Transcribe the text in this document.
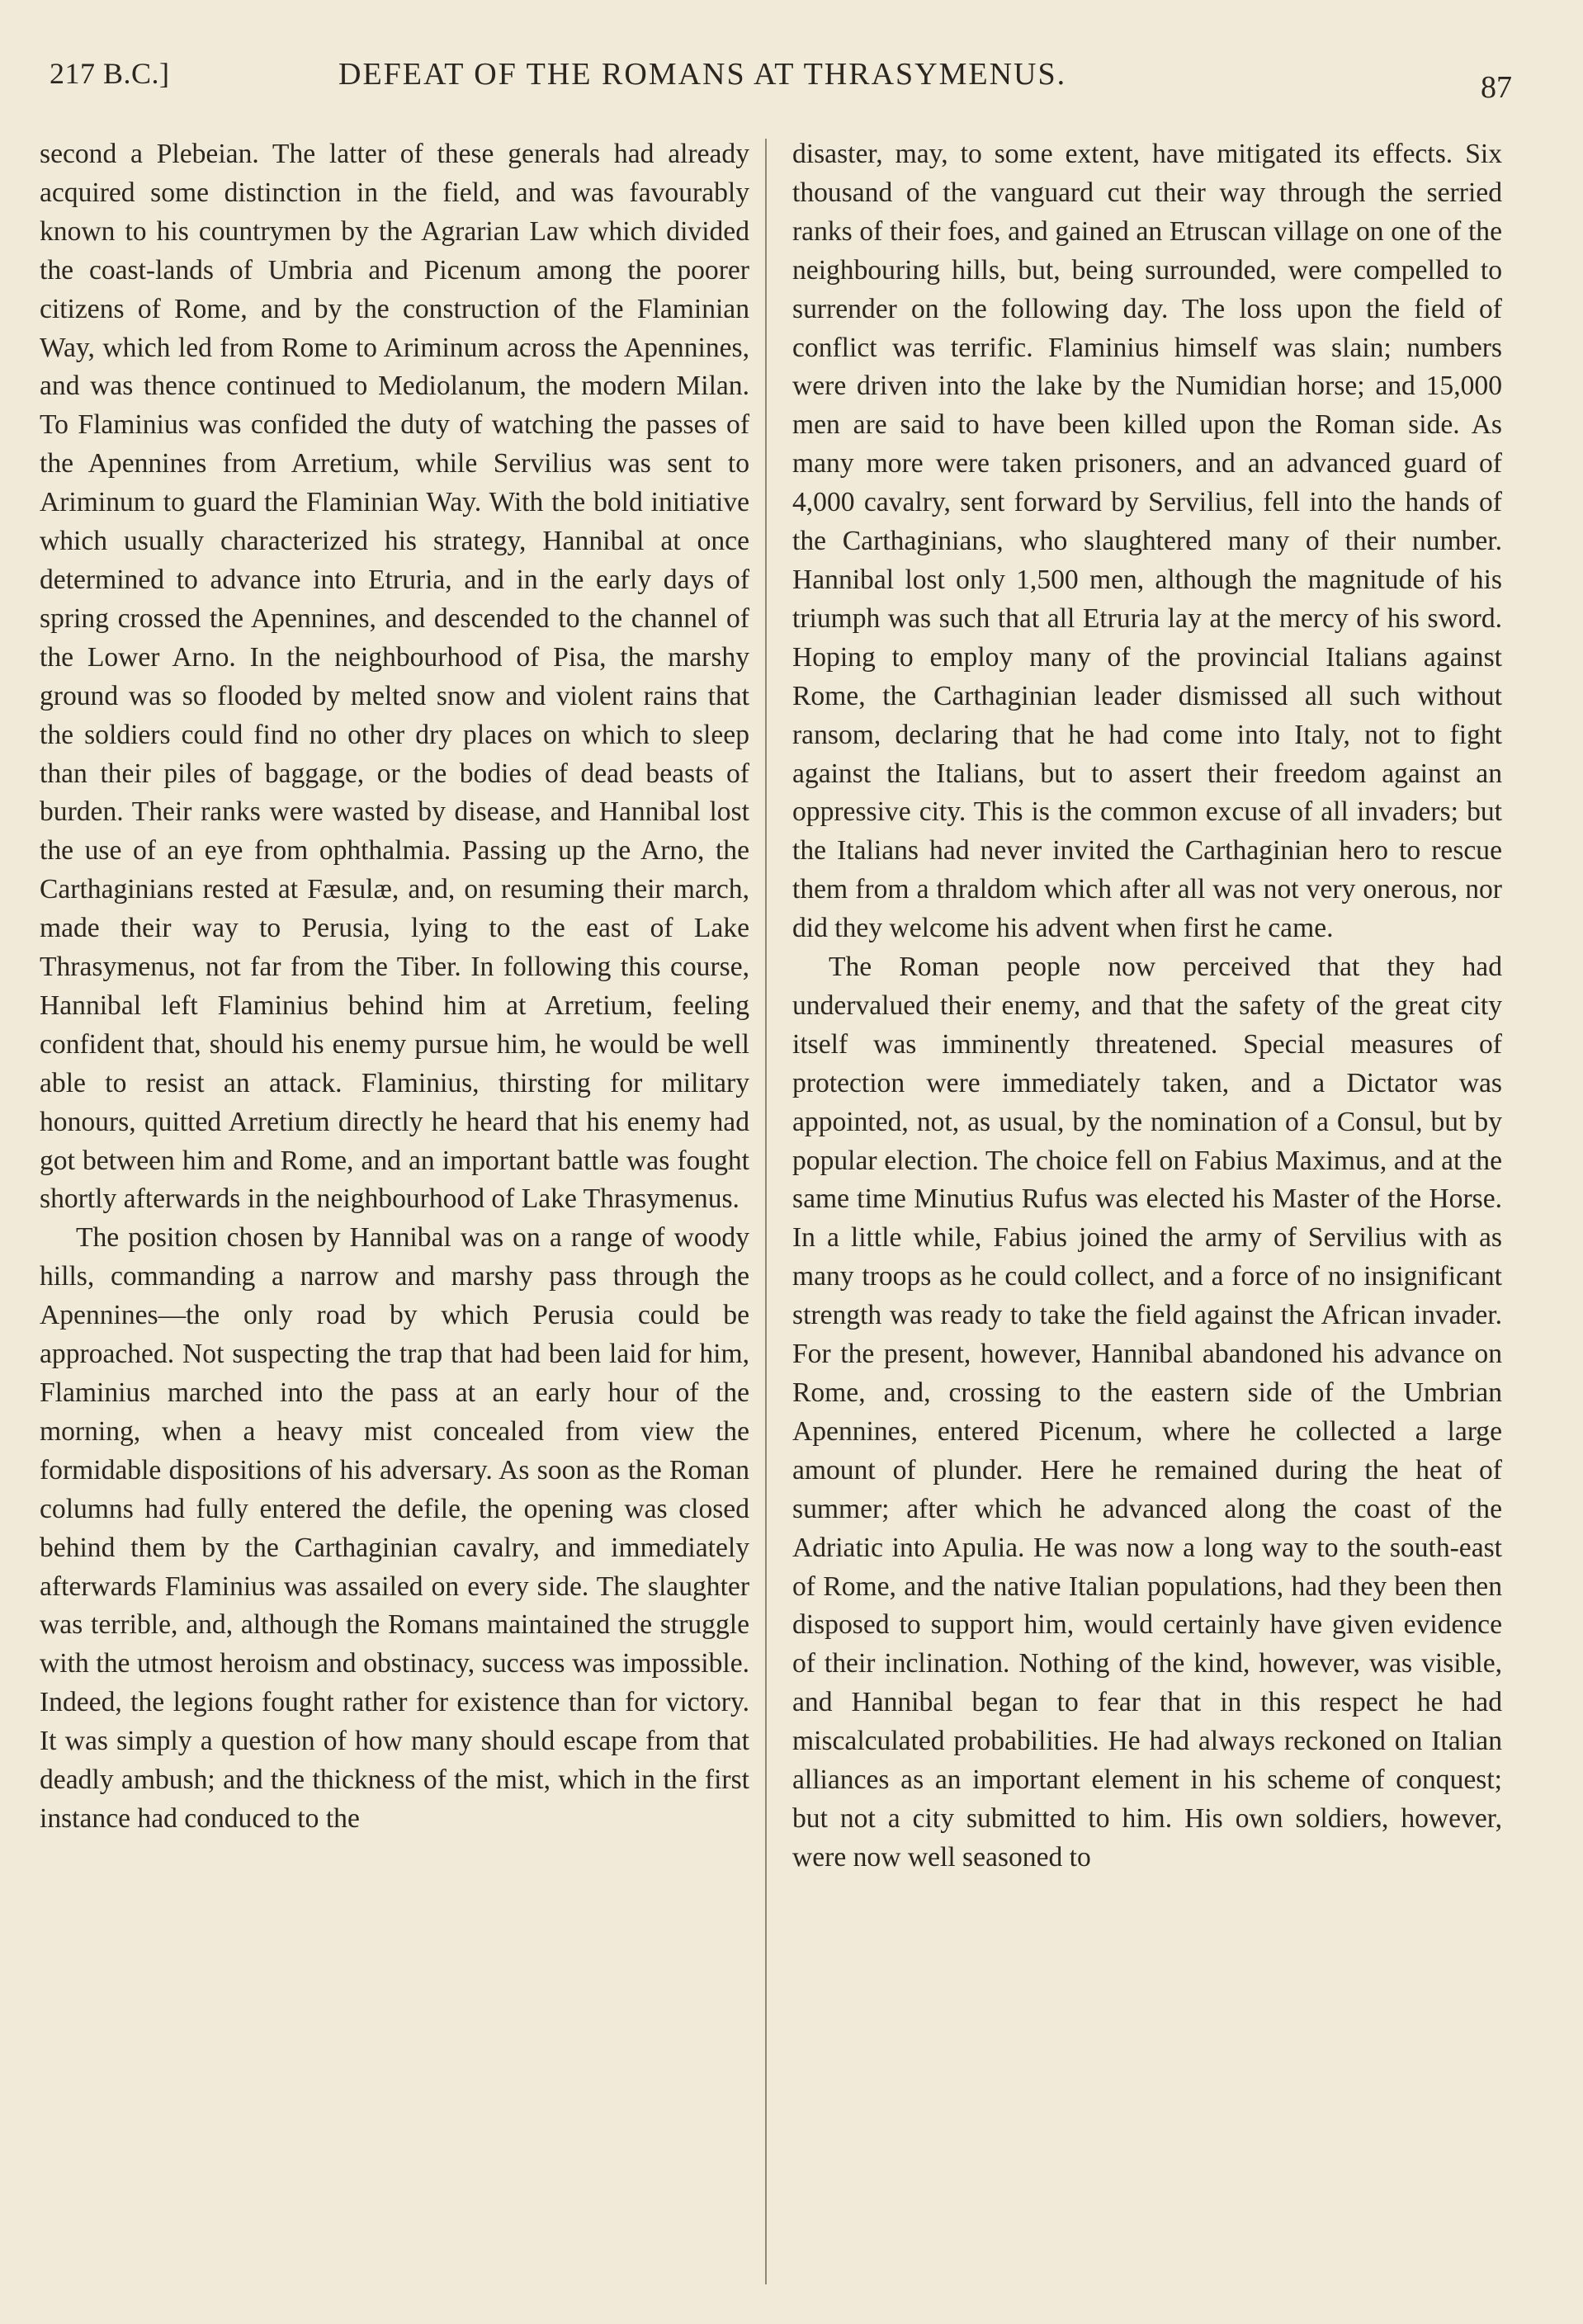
217 B.C.]	DEFEAT OF THE ROMANS AT THRASYMENUS.	87

second a Plebeian. The latter of these generals had already acquired some distinction in the field, and was favourably known to his countrymen by the Agrarian Law which divided the coast-lands of Umbria and Picenum among the poorer citizens of Rome, and by the construction of the Flaminian Way, which led from Rome to Ariminum across the Apennines, and was thence continued to Mediolanum, the modern Milan. To Flaminius was confided the duty of watching the passes of the Apennines from Arretium, while Servilius was sent to Ariminum to guard the Flaminian Way. With the bold initiative which usually characterized his strategy, Hannibal at once determined to advance into Etruria, and in the early days of spring crossed the Apennines, and descended to the channel of the Lower Arno. In the neighbourhood of Pisa, the marshy ground was so flooded by melted snow and violent rains that the soldiers could find no other dry places on which to sleep than their piles of baggage, or the bodies of dead beasts of burden. Their ranks were wasted by disease, and Hannibal lost the use of an eye from ophthalmia. Passing up the Arno, the Carthaginians rested at Fæsulæ, and, on resuming their march, made their way to Perusia, lying to the east of Lake Thrasymenus, not far from the Tiber. In following this course, Hannibal left Flaminius behind him at Arretium, feeling confident that, should his enemy pursue him, he would be well able to resist an attack. Flaminius, thirsting for military honours, quitted Arretium directly he heard that his enemy had got between him and Rome, and an important battle was fought shortly afterwards in the neighbourhood of Lake Thrasymenus.

The position chosen by Hannibal was on a range of woody hills, commanding a narrow and marshy pass through the Apennines—the only road by which Perusia could be approached. Not suspecting the trap that had been laid for him, Flaminius marched into the pass at an early hour of the morning, when a heavy mist concealed from view the formidable dispositions of his adversary. As soon as the Roman columns had fully entered the defile, the opening was closed behind them by the Carthaginian cavalry, and immediately afterwards Flaminius was assailed on every side. The slaughter was terrible, and, although the Romans maintained the struggle with the utmost heroism and obstinacy, success was impossible. Indeed, the legions fought rather for existence than for victory. It was simply a question of how many should escape from that deadly ambush; and the thickness of the mist, which in the first instance had conduced to the

disaster, may, to some extent, have mitigated its effects. Six thousand of the vanguard cut their way through the serried ranks of their foes, and gained an Etruscan village on one of the neighbouring hills, but, being surrounded, were compelled to surrender on the following day. The loss upon the field of conflict was terrific. Flaminius himself was slain; numbers were driven into the lake by the Numidian horse; and 15,000 men are said to have been killed upon the Roman side. As many more were taken prisoners, and an advanced guard of 4,000 cavalry, sent forward by Servilius, fell into the hands of the Carthaginians, who slaughtered many of their number. Hannibal lost only 1,500 men, although the magnitude of his triumph was such that all Etruria lay at the mercy of his sword. Hoping to employ many of the provincial Italians against Rome, the Carthaginian leader dismissed all such without ransom, declaring that he had come into Italy, not to fight against the Italians, but to assert their freedom against an oppressive city. This is the common excuse of all invaders; but the Italians had never invited the Carthaginian hero to rescue them from a thraldom which after all was not very onerous, nor did they welcome his advent when first he came.

The Roman people now perceived that they had undervalued their enemy, and that the safety of the great city itself was imminently threatened. Special measures of protection were immediately taken, and a Dictator was appointed, not, as usual, by the nomination of a Consul, but by popular election. The choice fell on Fabius Maximus, and at the same time Minutius Rufus was elected his Master of the Horse. In a little while, Fabius joined the army of Servilius with as many troops as he could collect, and a force of no insignificant strength was ready to take the field against the African invader. For the present, however, Hannibal abandoned his advance on Rome, and, crossing to the eastern side of the Umbrian Apennines, entered Picenum, where he collected a large amount of plunder. Here he remained during the heat of summer; after which he advanced along the coast of the Adriatic into Apulia. He was now a long way to the south-east of Rome, and the native Italian populations, had they been then disposed to support him, would certainly have given evidence of their inclination. Nothing of the kind, however, was visible, and Hannibal began to fear that in this respect he had miscalculated probabilities. He had always reckoned on Italian alliances as an important element in his scheme of conquest; but not a city submitted to him. His own soldiers, however, were now well seasoned to
